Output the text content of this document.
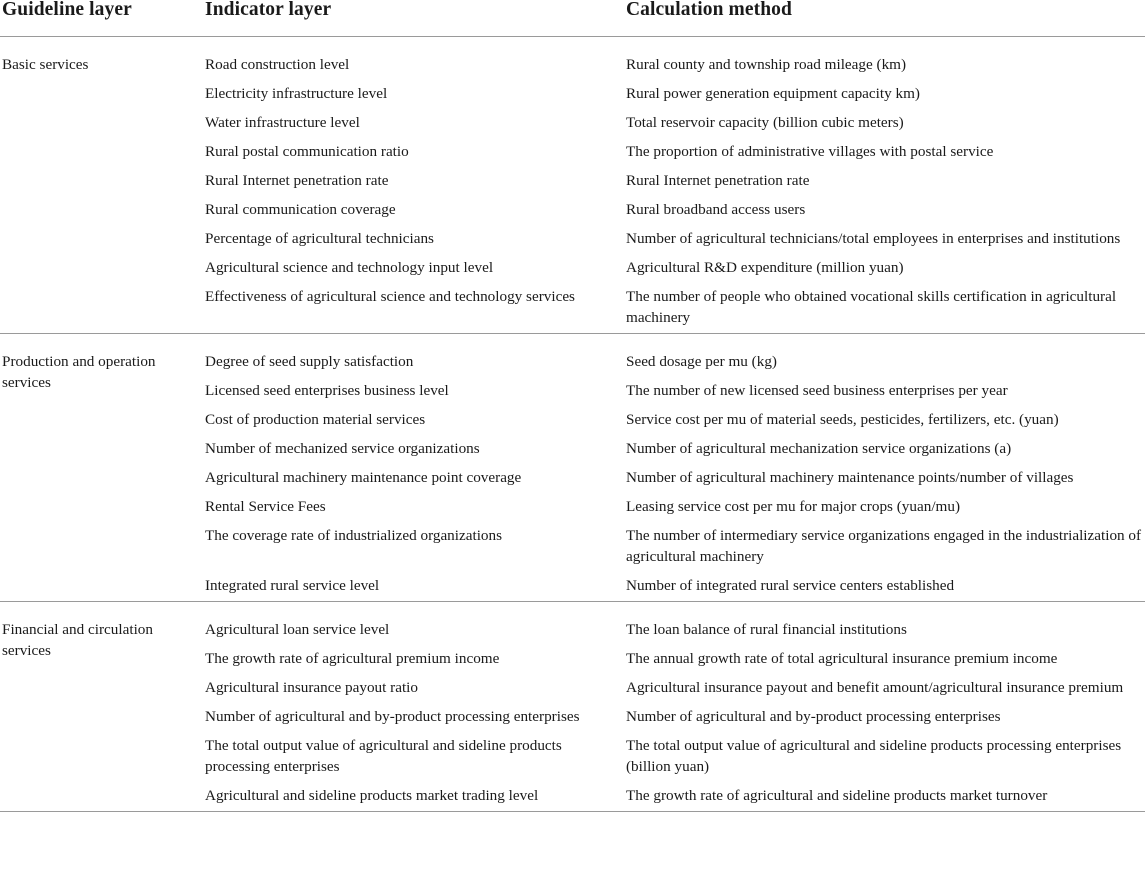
Guideline layer	Indicator layer	Calculation method
Basic services	Road construction level	Rural county and township road mileage (km)

	Electricity infrastructure level	Rural power generation equipment capacity km)

	Water infrastructure level	Total reservoir capacity (billion cubic meters)

	Rural postal communication ratio	The proportion of administrative villages with postal service

	Rural Internet penetration rate	Rural Internet penetration rate

	Rural communication coverage	Rural broadband access users

	Percentage of agricultural technicians	Number of agricultural technicians/total employees in enterprises and institutions

	Agricultural science and technology input level	Agricultural R&D expenditure (million yuan)

	Effectiveness of agricultural science and technology services	The number of people who obtained vocational skills certification in agricultural machinery

Production and operation services	Degree of seed supply satisfaction	Seed dosage per mu (kg)

	Licensed seed enterprises business level	The number of new licensed seed business enterprises per year

	Cost of production material services	Service cost per mu of material seeds, pesticides, fertilizers, etc. (yuan)

	Number of mechanized service organizations	Number of agricultural mechanization service organizations (a)

	Agricultural machinery maintenance point coverage	Number of agricultural machinery maintenance points/number of villages

	Rental Service Fees	Leasing service cost per mu for major crops (yuan/mu)

	The coverage rate of industrialized organizations	The number of intermediary service organizations engaged in the industrialization of agricultural machinery

	Integrated rural service level	Number of integrated rural service centers established

Financial and circulation services	Agricultural loan service level	The loan balance of rural financial institutions

	The growth rate of agricultural premium income	The annual growth rate of total agricultural insurance premium income

	Agricultural insurance payout ratio	Agricultural insurance payout and benefit amount/agricultural insurance premium

	Number of agricultural and by-product processing enterprises	Number of agricultural and by-product processing enterprises

	The total output value of agricultural and sideline products processing enterprises	The total output value of agricultural and sideline products processing enterprises (billion yuan)

	Agricultural and sideline products market trading level	The growth rate of agricultural and sideline products market turnover
